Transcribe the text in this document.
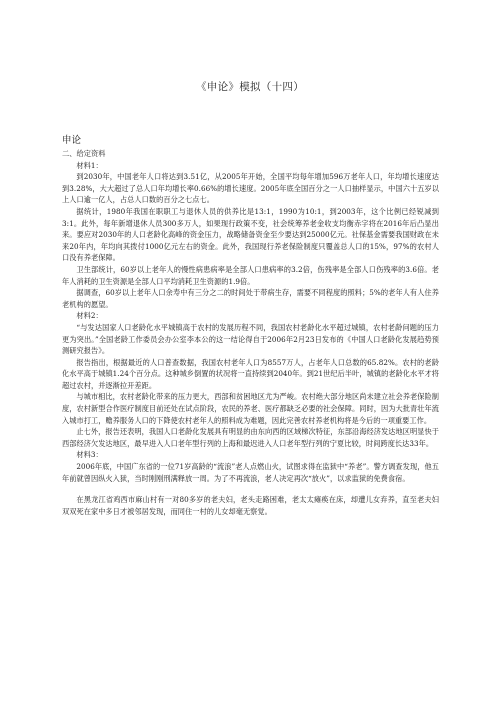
《申论》模拟（十四）

申论

二、给定资料

材料1：

到2030年，中国老年人口将达到3.51亿，从2005年开始，全国平均每年增加596万老年人口，年均增长速度达到3.28%，大大超过了总人口年均增长率0.66%的增长速度。2005年底全国百分之一人口抽样显示，中国六十五岁以上人口逾一亿人，占总人口数的百分之七点七。

据统计，1980年我国在职职工与退休人员的供养比是13:1，1990为10:1，到2003年，这个比例已经锐减到3:1。此外，每年新增退休人员300多万人，如果现行政策不变，社会统筹养老金收支均衡赤字将在2016年后凸显出来。要应对2030年的人口老龄化高峰的资金压力，战略储备资金至少要达到25000亿元。社保基金需要我国财政在未来20年内，年均向其拨付1000亿元左右的资金。此外，我国现行养老保险制度只覆盖总人口的15%，97%的农村人口没有养老保障。

卫生部统计，60岁以上老年人的慢性病患病率是全部人口患病率的3.2倍，伤残率是全部人口伤残率的3.6倍。老年人消耗的卫生资源是全部人口平均消耗卫生资源的1.9倍。

据调查，60岁以上老年人口余寿中有三分之二的时间处于带病生存，需要不同程度的照料；5%的老年人有人住养老机构的愿望。

材料2：

“与发达国家人口老龄化水平城镇高于农村的发展历程不同，我国农村老龄化水平超过城镇，农村老龄问题的压力更为突出。”全国老龄工作委员会办公室李本公的这一结论得自于2006年2月23日发布的《中国人口老龄化发展趋势预测研究报告》。

报告指出，根据最近的人口普查数据，我国农村老年人口为8557万人，占老年人口总数的65.82%。农村的老龄化水平高于城镇1.24个百分点。这种城乡倒置的状况将一直持续到2040年。到21世纪后半叶，城镇的老龄化水平才将超过农村，并逐渐拉开差距。

与城市相比，农村老龄化带来的压力更大，西部和贫困地区尤为严峻。农村绝大部分地区尚未建立社会养老保险制度，农村新型合作医疗制度目前还处在试点阶段，农民的养老、医疗都缺乏必要的社会保障。同时，因为大批青壮年流入城市打工，赡养服务人口的下降使农村老年人的照料成为难题，因此完善农村养老机构将是今后的一项重要工作。

止七外，报告还表明，我国人口老龄化发展具有明显的由东向西的区域梯次特征，东部沿海经济发达地区明显快于西部经济欠发达地区，最早进入人口老年型行列的上海和最迟进入人口老年型行列的宁夏比较，时间跨度长达33年。

材料3：

2006年底，中国广东省的一位71岁高龄的“流浪”老人点燃山火，试图求得在监狱中“养老”。警方调查发现，他五年前就曾因纵火入狱，当时刚刚刑满释放一周。为了不再流浪，老人决定再次“放火”，以求监狱的免费食宿。

在黑龙江省鸡西市麻山村有一对80多岁的老夫妇，老头走路困难，老太太瘫痪在床，却遭儿女弃养，直至老夫妇双双死在家中多日才被邻居发现，而同住一村的儿女却毫无察觉。
